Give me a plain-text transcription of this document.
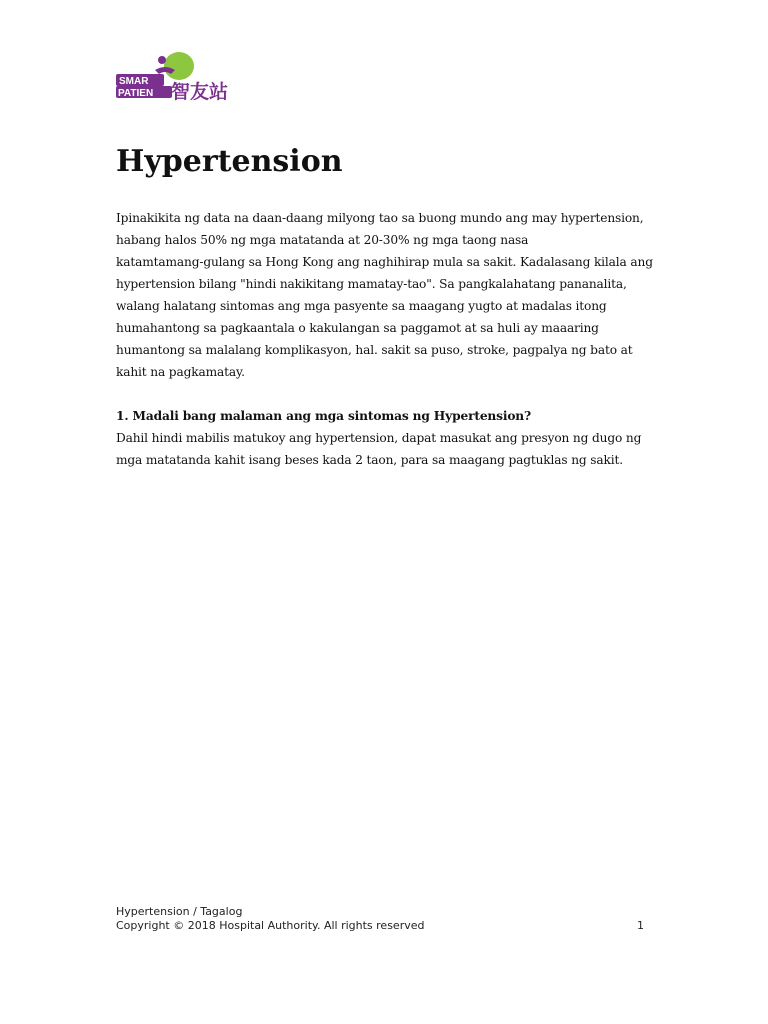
SMAR
PATIEN 智友站
Hypertension

Ipinakikita ng data na daan-daang milyong tao sa buong mundo ang may hypertension,

habang halos 50% ng mga matatanda at 20-30% ng mga taong nasa

katamtamang-gulang sa Hong Kong ang naghihirap mula sa sakit. Kadalasang kilala ang

hypertension bilang "hindi nakikitang mamatay-tao". Sa pangkalahatang pananalita,

walang halatang sintomas ang mga pasyente sa maagang yugto at madalas itong

humahantong sa pagkaantala o kakulangan sa paggamot at sa huli ay maaaring

humantong sa malalang komplikasyon, hal. sakit sa puso, stroke, pagpalya ng bato at

kahit na pagkamatay.

1. Madali bang malaman ang mga sintomas ng Hypertension?

Dahil hindi mabilis matukoy ang hypertension, dapat masukat ang presyon ng dugo ng

mga matatanda kahit isang beses kada 2 taon, para sa maagang pagtuklas ng sakit.

Hypertension / Tagalog
Copyright © 2018 Hospital Authority. All rights reserved	1
